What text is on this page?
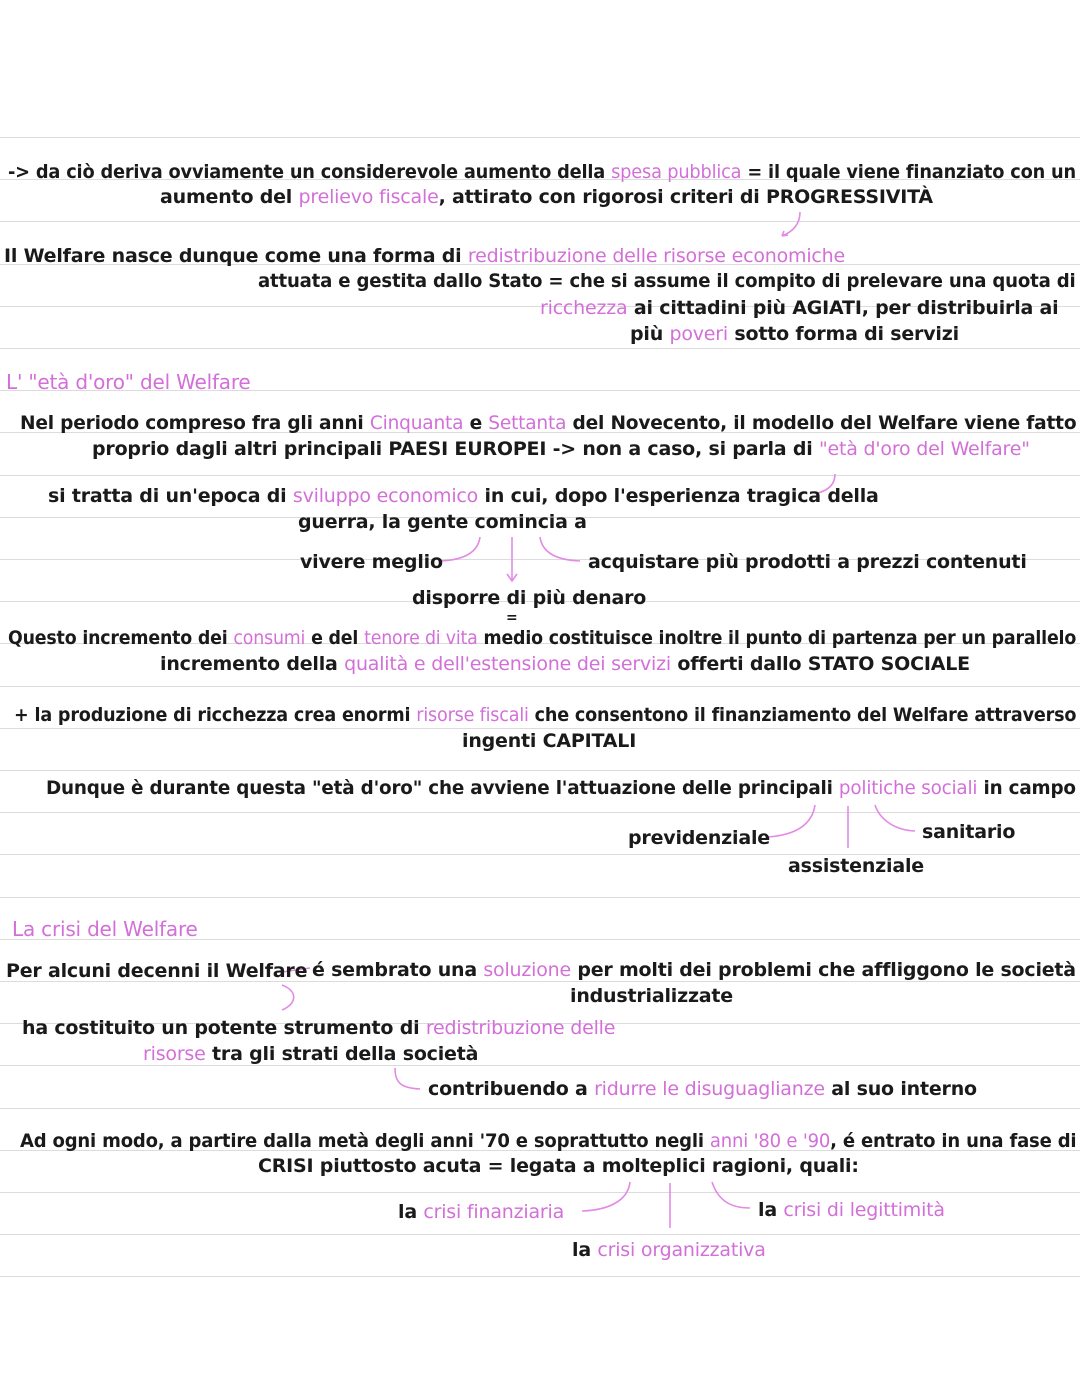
-> da ciò deriva ovviamente un considerevole aumento della spesa pubblica = il quale viene finanziato con un
aumento del prelievo fiscale, attirato con rigorosi criteri di PROGRESSIVITÀ
Il Welfare nasce dunque come una forma di redistribuzione delle risorse economiche
attuata e gestita dallo Stato = che si assume il compito di prelevare una quota di
ricchezza ai cittadini più AGIATI, per distribuirla ai
più poveri sotto forma di servizi
L' "età d'oro" del Welfare
Nel periodo compreso fra gli anni Cinquanta e Settanta del Novecento, il modello del Welfare viene fatto
proprio dagli altri principali PAESI EUROPEI -> non a caso, si parla di "età d'oro del Welfare"
si tratta di un'epoca di sviluppo economico in cui, dopo l'esperienza tragica della
guerra, la gente comincia a
vivere meglio	acquistare più prodotti a prezzi contenuti
disporre di più denaro
=
Questo incremento dei consumi e del tenore di vita medio costituisce inoltre il punto di partenza per un parallelo
incremento della qualità e dell'estensione dei servizi offerti dallo STATO SOCIALE
+ la produzione di ricchezza crea enormi risorse fiscali che consentono il finanziamento del Welfare attraverso
ingenti CAPITALI
Dunque è durante questa "età d'oro" che avviene l'attuazione delle principali politiche sociali in campo
previdenziale	sanitario
assistenziale
La crisi del Welfare
Per alcuni decenni il Welfare é sembrato una soluzione per molti dei problemi che affliggono le società
industrializzate
ha costituito un potente strumento di redistribuzione delle
risorse tra gli strati della società
contribuendo a ridurre le disuguaglianze al suo interno
Ad ogni modo, a partire dalla metà degli anni '70 e soprattutto negli anni '80 e '90, é entrato in una fase di
CRISI piuttosto acuta = legata a molteplici ragioni, quali:
la crisi finanziaria	la crisi di legittimità
la crisi organizzativa
